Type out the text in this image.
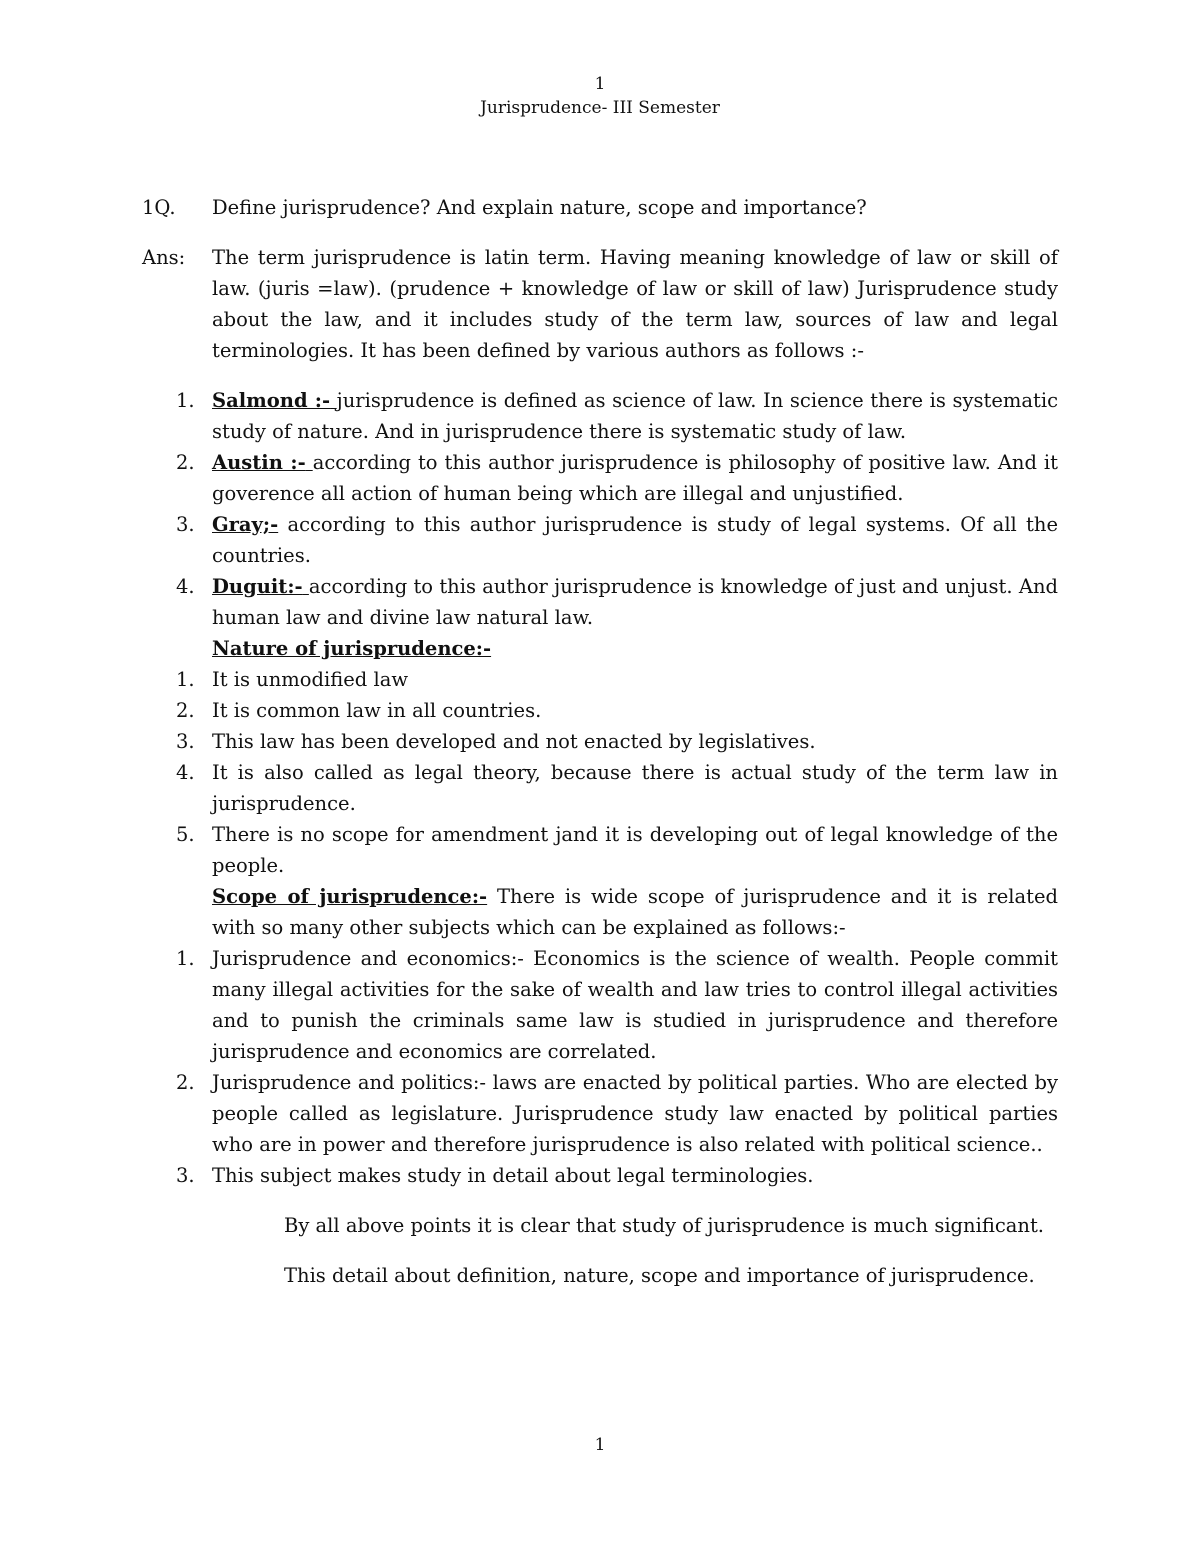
1
Jurisprudence- III Semester
1Q. Define jurisprudence? And explain nature, scope and importance?
Ans: The term jurisprudence is latin term. Having meaning knowledge of law or skill of law. (juris =law). (prudence + knowledge of law or skill of law) Jurisprudence study about the law, and it includes study of the term law, sources of law and legal terminologies. It has been defined by various authors as follows :-
1. Salmond :- jurisprudence is defined as science of law. In science there is systematic study of nature. And in jurisprudence there is systematic study of law.
2. Austin :- according to this author jurisprudence is philosophy of positive law. And it goverence all action of human being which are illegal and unjustified.
3. Gray;- according to this author jurisprudence is study of legal systems. Of all the countries.
4. Duguit:- according to this author jurisprudence is knowledge of just and unjust. And human law and divine law natural law.
Nature of jurisprudence:-
1. It is unmodified law
2. It is common law in all countries.
3. This law has been developed and not enacted by legislatives.
4. It is also called as legal theory, because there is actual study of the term law in jurisprudence.
5. There is no scope for amendment jand it is developing out of legal knowledge of the people.
Scope of jurisprudence:- There is wide scope of jurisprudence and it is related with so many other subjects which can be explained as follows:-
1. Jurisprudence and economics:- Economics is the science of wealth. People commit many illegal activities for the sake of wealth and law tries to control illegal activities and to punish the criminals same law is studied in jurisprudence and therefore jurisprudence and economics are correlated.
2. Jurisprudence and politics:- laws are enacted by political parties. Who are elected by people called as legislature. Jurisprudence study law enacted by political parties who are in power and therefore jurisprudence is also related with political science..
3. This subject makes study in detail about legal terminologies.
By all above points it is clear that study of jurisprudence is much significant.
This detail about definition, nature, scope and importance of jurisprudence.
1
